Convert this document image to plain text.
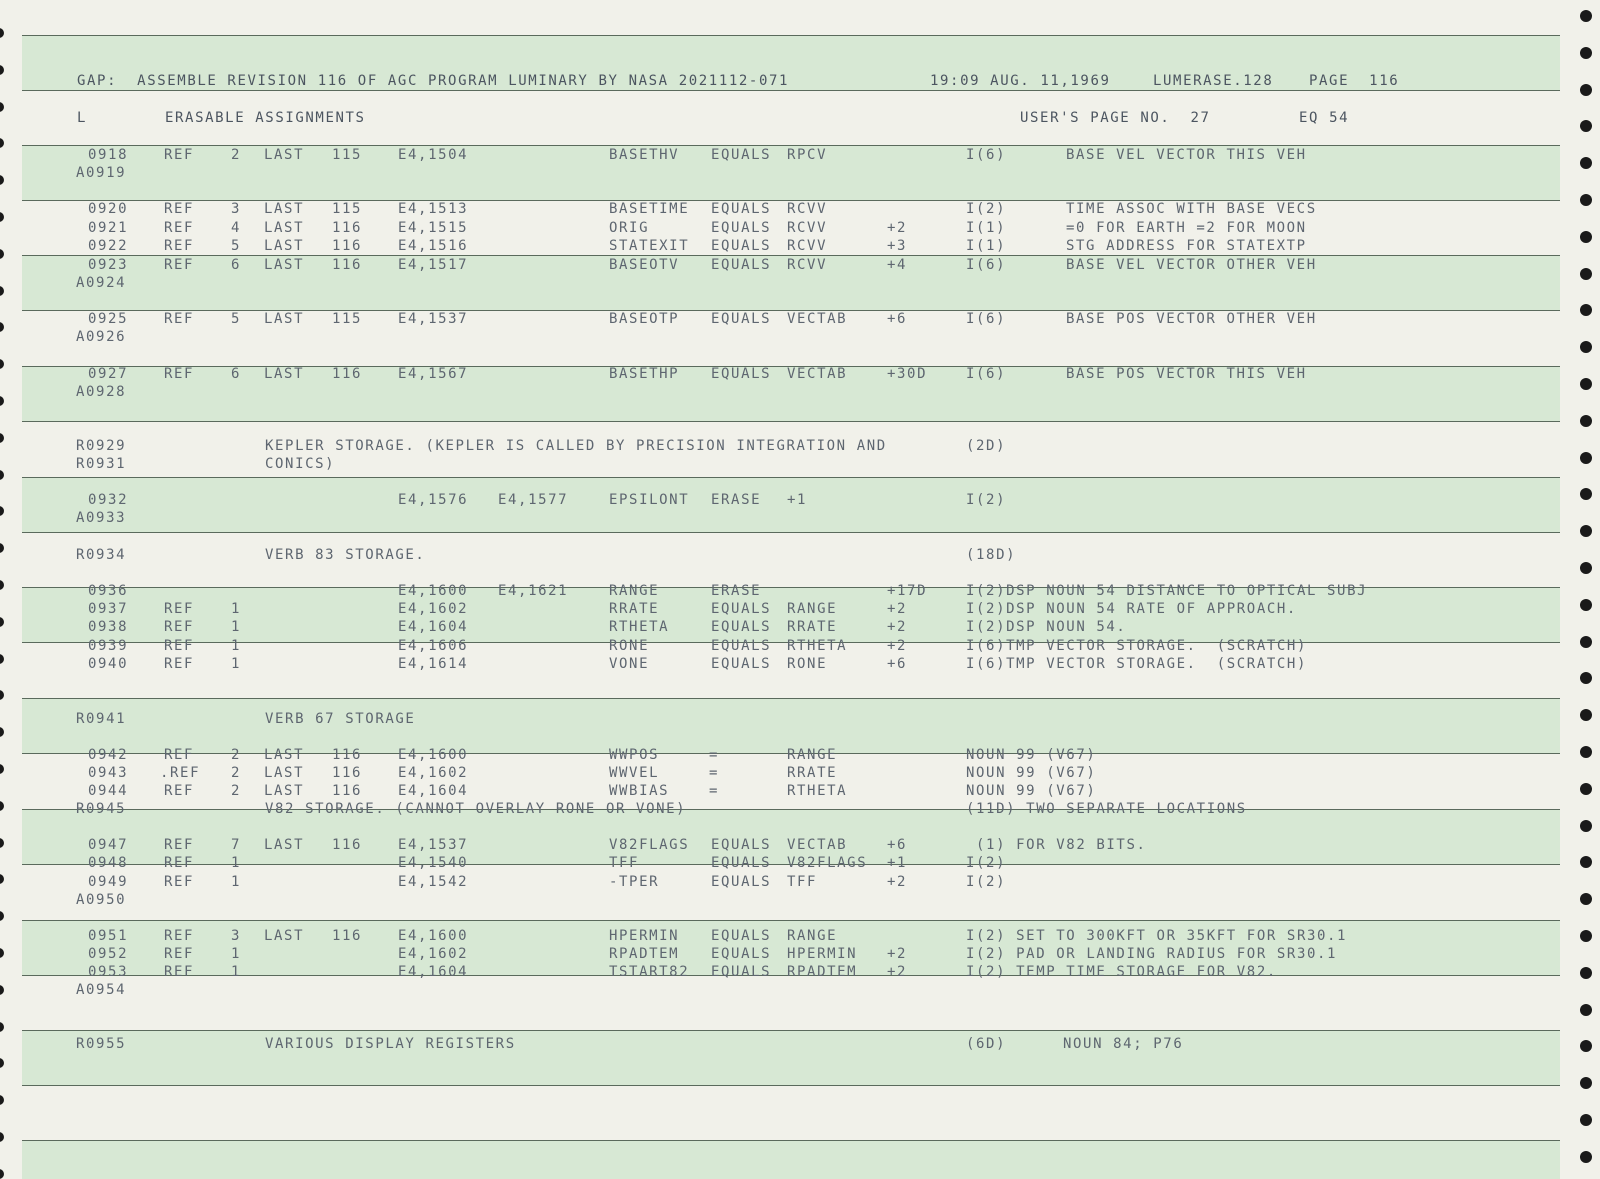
GAP:  ASSEMBLE REVISION 116 OF AGC PROGRAM LUMINARY BY NASA 2021112-071	19:09 AUG. 11,1969	LUMERASE.128	PAGE  116
L	ERASABLE ASSIGNMENTS	USER'S PAGE NO.  27	EQ 54
0918	REF	2 LAST 115	E4,1504	BASETHV EQUALS RPCV	I(6)	BASE VEL VECTOR THIS VEH
A0919
0920	REF	3 LAST 115	E4,1513	BASETIME EQUALS RCVV	I(2)	TIME ASSOC WITH BASE VECS
0921	REF	4 LAST 116	E4,1515	ORIG	EQUALS RCVV	+2	I(1)	=0 FOR EARTH =2 FOR MOON
0922	REF	5 LAST 116	E4,1516	STATEXIT EQUALS RCVV	+3	I(1)	STG ADDRESS FOR STATEXTP
0923	REF	6 LAST 116	E4,1517	BASEOTV EQUALS RCVV	+4	I(6)	BASE VEL VECTOR OTHER VEH
A0924
0925	REF	5 LAST 115	E4,1537	BASEOTP EQUALS VECTAB	+6	I(6)	BASE POS VECTOR OTHER VEH
A0926
0927	REF	6 LAST 116	E4,1567	BASETHP EQUALS VECTAB	+30D	I(6)	BASE POS VECTOR THIS VEH
A0928
R0929	KEPLER STORAGE. (KEPLER IS CALLED BY PRECISION INTEGRATION AND	(2D)
R0931	CONICS)
0932	E4,1576 E4,1577	EPSILONT ERASE +1	I(2)
A0933
R0934	VERB 83 STORAGE.	(18D)
0936	E4,1600 E4,1621	RANGE	ERASE	+17D	I(2)DSP NOUN 54 DISTANCE TO OPTICAL SUBJ
0937	REF	1	E4,1602	RRATE	EQUALS RANGE	+2	I(2)DSP NOUN 54 RATE OF APPROACH.
0938	REF	1	E4,1604	RTHETA	EQUALS RRATE	+2	I(2)DSP NOUN 54.
0939	REF	1	E4,1606	RONE	EQUALS RTHETA	+2	I(6)TMP VECTOR STORAGE.  (SCRATCH)
0940	REF	1	E4,1614	VONE	EQUALS RONE	+6	I(6)TMP VECTOR STORAGE.  (SCRATCH)
R0941	VERB 67 STORAGE
0942	REF	2 LAST 116	E4,1600	WWPOS	=	RANGE	NOUN 99 (V67)
0943 .REF 2 LAST 116	E4,1602	WWVEL	=	RRATE	NOUN 99 (V67)
0944	REF	2 LAST 116	E4,1604	WWBIAS	=	RTHETA	NOUN 99 (V67)
R0945	V82 STORAGE. (CANNOT OVERLAY RONE OR VONE)	(11D) TWO SEPARATE LOCATIONS
0947	REF	7 LAST 116	E4,1537	V82FLAGS EQUALS VECTAB	+6	(1) FOR V82 BITS.
0948	REF	1	E4,1540	TFF	EQUALS V82FLAGS +1	I(2)
0949	REF	1	E4,1542	-TPER	EQUALS TFF	+2	I(2)
A0950
0951	REF	3 LAST 116	E4,1600	HPERMIN EQUALS RANGE	I(2) SET TO 300KFT OR 35KFT FOR SR30.1
0952	REF	1	E4,1602	RPADTEM EQUALS HPERMIN +2	I(2) PAD OR LANDING RADIUS FOR SR30.1
0953	REF	1	E4,1604	TSTART82 EQUALS RPADTEM +2	I(2) TEMP TIME STORAGE FOR V82.
A0954
R0955	VARIOUS DISPLAY REGISTERS	(6D)	NOUN 84; P76
